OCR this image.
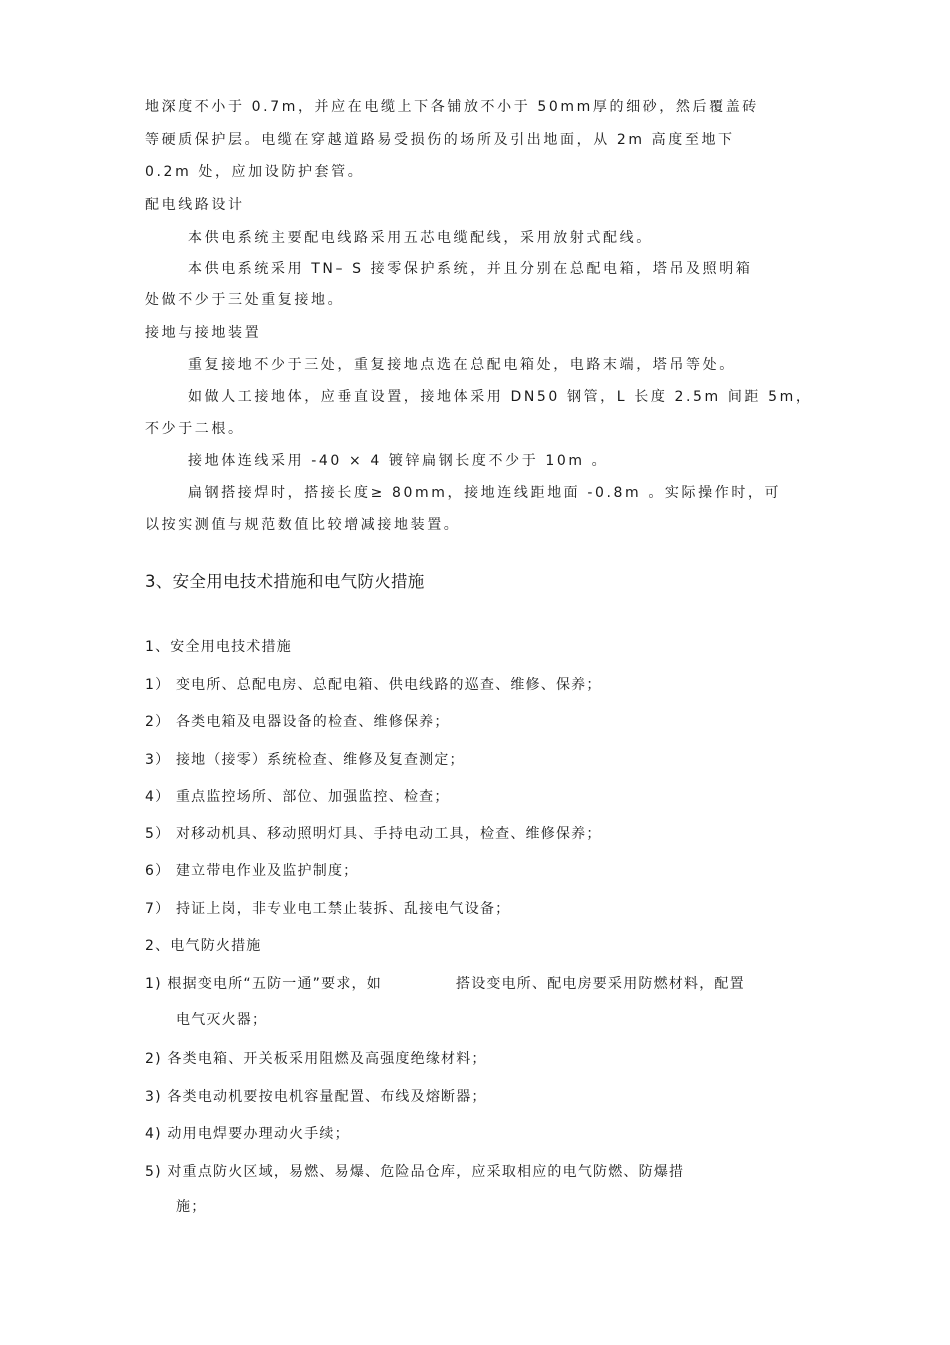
地深度不小于 0.7m，并应在电缆上下各铺放不小于 50mm厚的细砂，然后覆盖砖
等硬质保护层。电缆在穿越道路易受损伤的场所及引出地面，从 2m 高度至地下
0.2m 处，应加设防护套管。
配电线路设计
本供电系统主要配电线路采用五芯电缆配线，采用放射式配线。
本供电系统采用 TN– S 接零保护系统，并且分别在总配电箱，塔吊及照明箱
处做不少于三处重复接地。
接地与接地装置
重复接地不少于三处，重复接地点选在总配电箱处，电路末端，塔吊等处。
如做人工接地体，应垂直设置，接地体采用 DN50 钢管，L 长度 2.5m 间距 5m，
不少于二根。
接地体连线采用 -40 × 4 镀锌扁钢长度不少于 10m 。
扁钢搭接焊时，搭接长度≥ 80mm，接地连线距地面 -0.8m 。实际操作时，可
以按实测值与规范数值比较增减接地装置。
3、安全用电技术措施和电气防火措施
1、安全用电技术措施
1） 变电所、总配电房、总配电箱、供电线路的巡查、维修、保养；
2） 各类电箱及电器设备的检查、维修保养；
3） 接地（接零）系统检查、维修及复查测定；
4） 重点监控场所、部位、加强监控、检查；
5） 对移动机具、移动照明灯具、手持电动工具，检查、维修保养；
6） 建立带电作业及监护制度；
7） 持证上岗，非专业电工禁止装拆、乱接电气设备；
2、电气防火措施
1) 根据变电所“五防一通”要求，如	搭设变电所、配电房要采用防燃材料，配置
电气灭火器；
2) 各类电箱、开关板采用阻燃及高强度绝缘材料；
3) 各类电动机要按电机容量配置、布线及熔断器；
4) 动用电焊要办理动火手续；
5) 对重点防火区域，易燃、易爆、危险品仓库，应采取相应的电气防燃、防爆措
施；
